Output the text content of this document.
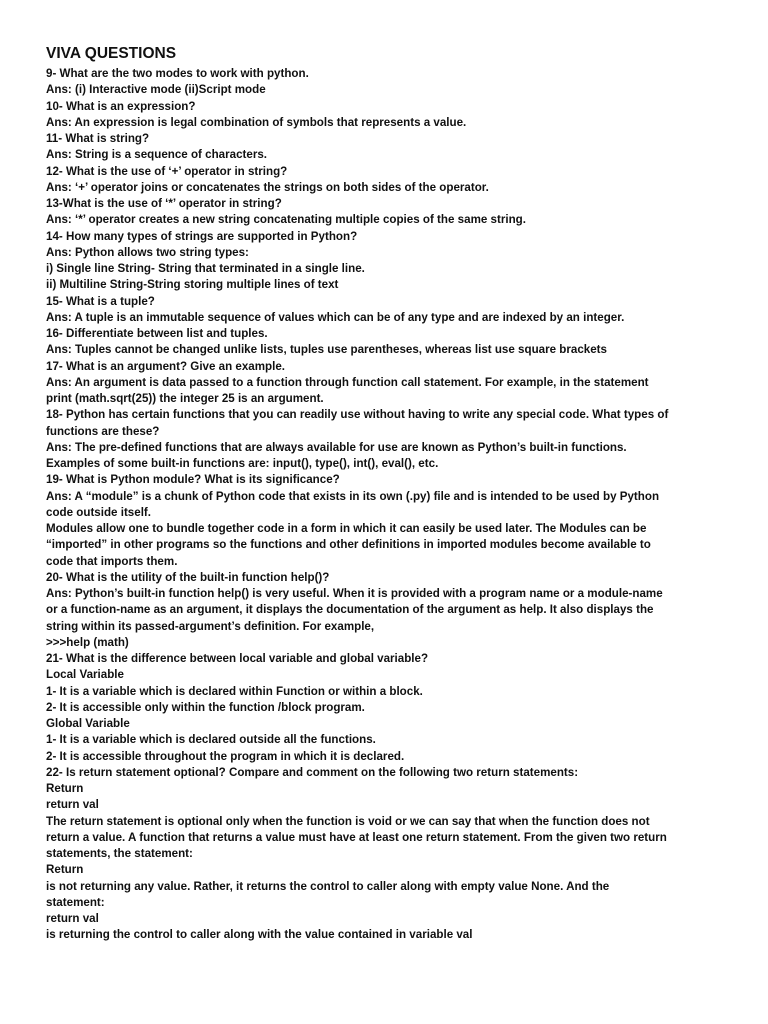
VIVA QUESTIONS
9- What are the two modes to work with python.
Ans: (i) Interactive mode (ii)Script mode
10- What is an expression?
Ans: An expression is legal combination of symbols that represents a value.
11- What is string?
Ans: String is a sequence of characters.
12- What is the use of ‘+’ operator in string?
Ans: ‘+’ operator joins or concatenates the strings on both sides of the operator.
13-What is the use of ‘*’ operator in string?
Ans: ‘*’ operator creates a new string concatenating multiple copies of the same string.
14- How many types of strings are supported in Python?
Ans: Python allows two string types:
i) Single line String- String that terminated in a single line.
ii) Multiline String-String storing multiple lines of text
15- What is a tuple?
Ans: A tuple is an immutable sequence of values which can be of any type and are indexed by an integer.
16- Differentiate between list and tuples.
Ans: Tuples cannot be changed unlike lists, tuples use parentheses, whereas list use square brackets
17- What is an argument? Give an example.
Ans: An argument is data passed to a function through function call statement. For example, in the statement
print (math.sqrt(25)) the integer 25 is an argument.
18- Python has certain functions that you can readily use without having to write any special code. What types of
functions are these?
Ans: The pre-defined functions that are always available for use are known as Python’s built-in functions.
Examples of some built-in functions are: input(), type(), int(), eval(), etc.
19- What is Python module? What is its significance?
Ans: A “module” is a chunk of Python code that exists in its own (.py) file and is intended to be used by Python
code outside itself.
Modules allow one to bundle together code in a form in which it can easily be used later. The Modules can be
“imported” in other programs so the functions and other definitions in imported modules become available to
code that imports them.
20- What is the utility of the built-in function help()?
Ans: Python’s built-in function help() is very useful. When it is provided with a program name or a module-name
or a function-name as an argument, it displays the documentation of the argument as help. It also displays the
string within its passed-argument’s definition. For example,
>>>help (math)
21- What is the difference between local variable and global variable?
Local Variable
1- It is a variable which is declared within Function or within a block.
2- It is accessible only within the function /block program.
Global Variable
1- It is a variable which is declared outside all the functions.
2- It is accessible throughout the program in which it is declared.
22- Is return statement optional? Compare and comment on the following two return statements:
Return
return val
The return statement is optional only when the function is void or we can say that when the function does not
return a value. A function that returns a value must have at least one return statement. From the given two return
statements, the statement:
Return
is not returning any value. Rather, it returns the control to caller along with empty value None. And the
statement:
return val
is returning the control to caller along with the value contained in variable val
